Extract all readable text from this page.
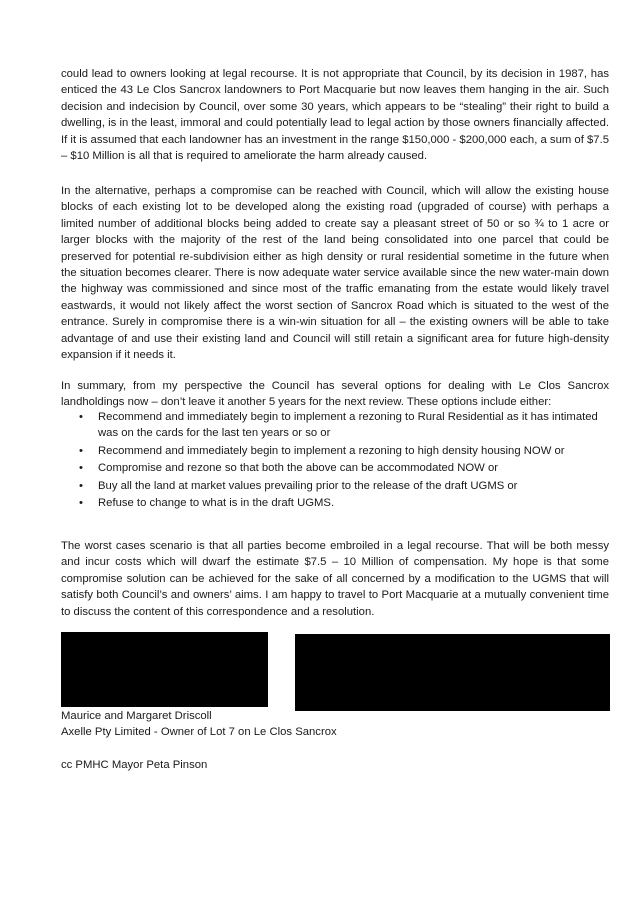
could lead to owners looking at legal recourse. It is not appropriate that Council, by its decision in 1987, has enticed the 43 Le Clos Sancrox landowners to Port Macquarie but now leaves them hanging in the air. Such decision and indecision by Council, over some 30 years, which appears to be “stealing” their right to build a dwelling, is in the least, immoral and could potentially lead to legal action by those owners financially affected. If it is assumed that each landowner has an investment in the range $150,000 - $200,000 each, a sum of $7.5 – $10 Million is all that is required to ameliorate the harm already caused.

In the alternative, perhaps a compromise can be reached with Council, which will allow the existing house blocks of each existing lot to be developed along the existing road (upgraded of course) with perhaps a limited number of additional blocks being added to create say a pleasant street of 50 or so ¾ to 1 acre or larger blocks with the majority of the rest of the land being consolidated into one parcel that could be preserved for potential re-subdivision either as high density or rural residential sometime in the future when the situation becomes clearer. There is now adequate water service available since the new water-main down the highway was commissioned and since most of the traffic emanating from the estate would likely travel eastwards, it would not likely affect the worst section of Sancrox Road which is situated to the west of the entrance. Surely in compromise there is a win-win situation for all – the existing owners will be able to take advantage of and use their existing land and Council will still retain a significant area for future high-density expansion if it needs it.

In summary, from my perspective the Council has several options for dealing with Le Clos Sancrox landholdings now – don’t leave it another 5 years for the next review. These options include either:

• Recommend and immediately begin to implement a rezoning to Rural Residential as it has intimated was on the cards for the last ten years or so or
• Recommend and immediately begin to implement a rezoning to high density housing NOW or
• Compromise and rezone so that both the above can be accommodated NOW or
• Buy all the land at market values prevailing prior to the release of the draft UGMS or
• Refuse to change to what is in the draft UGMS.

The worst cases scenario is that all parties become embroiled in a legal recourse. That will be both messy and incur costs which will dwarf the estimate $7.5 – 10 Million of compensation. My hope is that some compromise solution can be achieved for the sake of all concerned by a modification to the UGMS that will satisfy both Council’s and owners’ aims. I am happy to travel to Port Macquarie at a mutually convenient time to discuss the content of this correspondence and a resolution.

Maurice and Margaret Driscoll

Axelle Pty Limited - Owner of Lot 7 on Le Clos Sancrox

cc PMHC Mayor Peta Pinson
